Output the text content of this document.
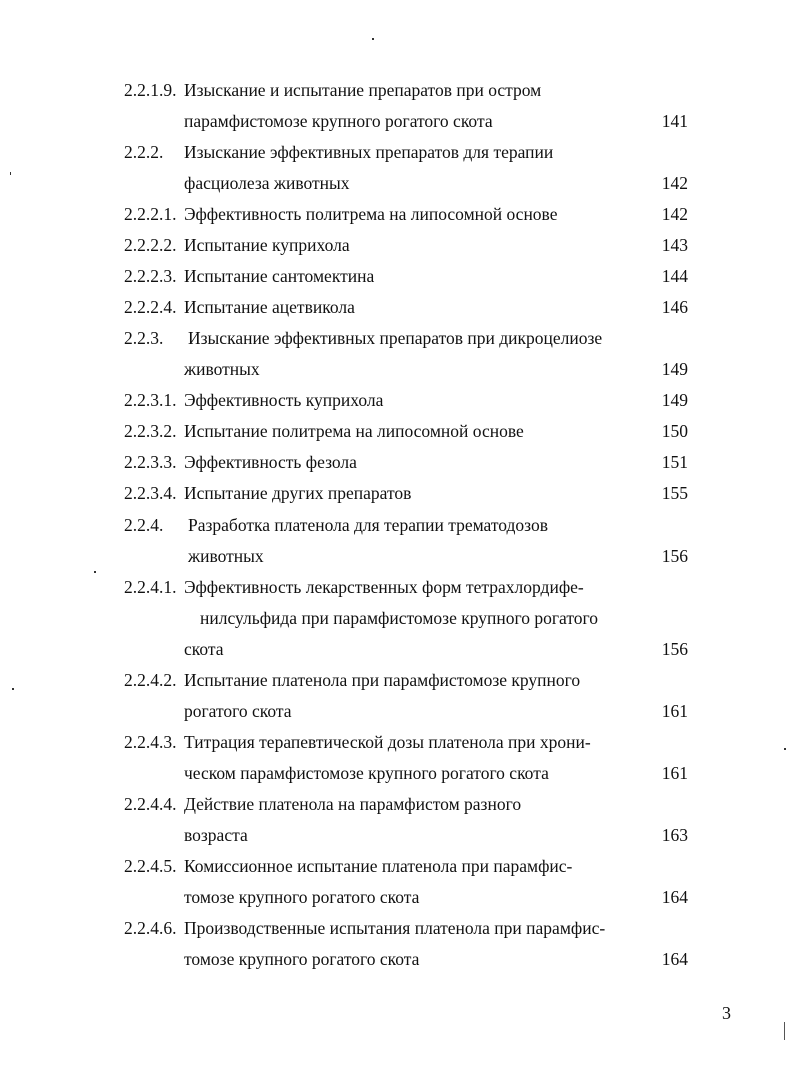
2.2.1.9. Изыскание и испытание препаратов при остром
парамфистомозе крупного рогатого скота	141
2.2.2. Изыскание эффективных препаратов для терапии
фасциолеза животных	142
2.2.2.1. Эффективность политрема на липосомной основе	142
2.2.2.2. Испытание куприхола	143
2.2.2.3. Испытание сантомектина	144
2.2.2.4. Испытание ацетвикола	146
2.2.3. Изыскание эффективных препаратов при дикроцелиозе
животных	149
2.2.3.1. Эффективность куприхола	149
2.2.3.2. Испытание политрема на липосомной основе	150
2.2.3.3. Эффективность фезола	151
2.2.3.4. Испытание других препаратов	155
2.2.4. Разработка платенола для терапии трематодозов
животных	156
2.2.4.1. Эффективность лекарственных форм тетрахлордифе-
нилсульфида при парамфистомозе крупного рогатого
скота	156
2.2.4.2. Испытание платенола при парамфистомозе крупного
рогатого скота	161
2.2.4.3. Титрация терапевтической дозы платенола при хрони-
ческом парамфистомозе крупного рогатого скота	161
2.2.4.4. Действие платенола на парамфистом разного
возраста	163
2.2.4.5. Комиссионное испытание платенола при парамфис-
томозе крупного рогатого скота	164
2.2.4.6. Производственные испытания платенола при парамфис-
томозе крупного рогатого скота	164
3
